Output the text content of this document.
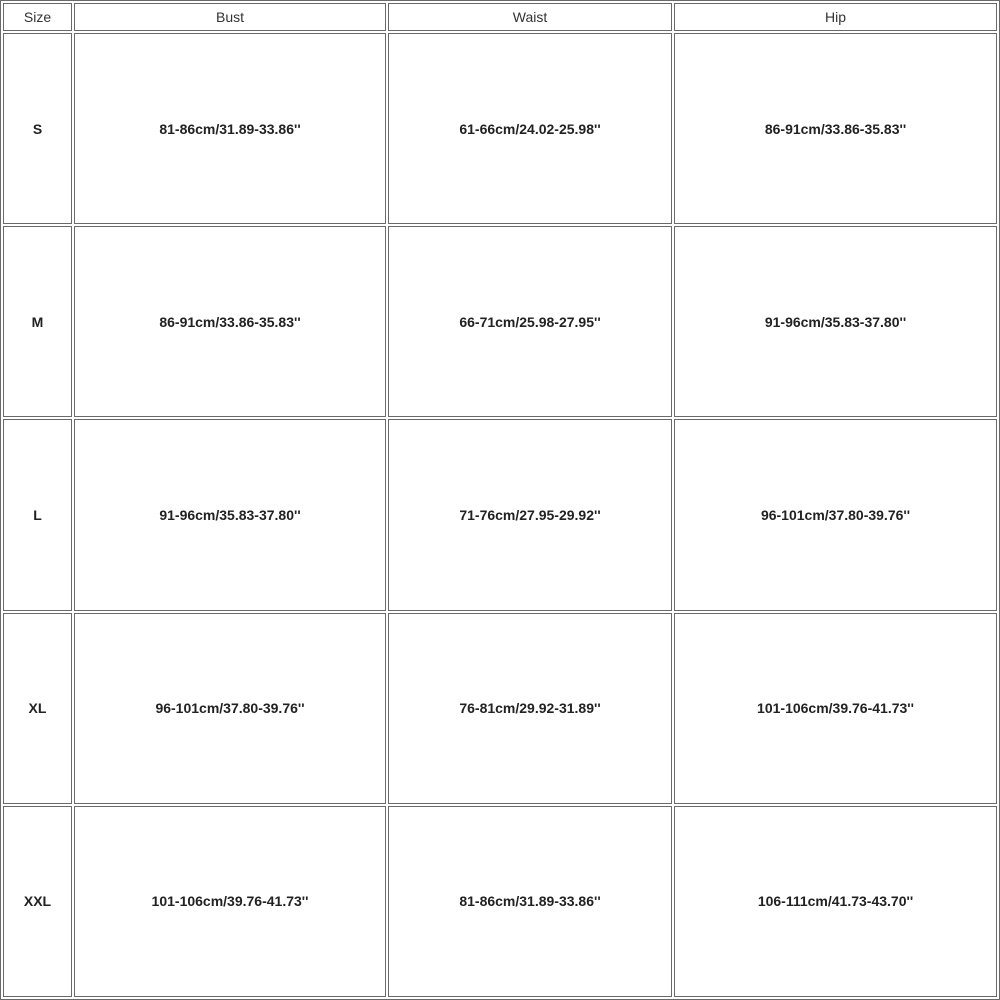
Size	Bust	Waist	Hip
S	81-86cm/31.89-33.86''	61-66cm/24.02-25.98''	86-91cm/33.86-35.83''
M	86-91cm/33.86-35.83''	66-71cm/25.98-27.95''	91-96cm/35.83-37.80''
L	91-96cm/35.83-37.80''	71-76cm/27.95-29.92''	96-101cm/37.80-39.76''
XL	96-101cm/37.80-39.76''	76-81cm/29.92-31.89''	101-106cm/39.76-41.73''
XXL	101-106cm/39.76-41.73''	81-86cm/31.89-33.86''	106-111cm/41.73-43.70''
